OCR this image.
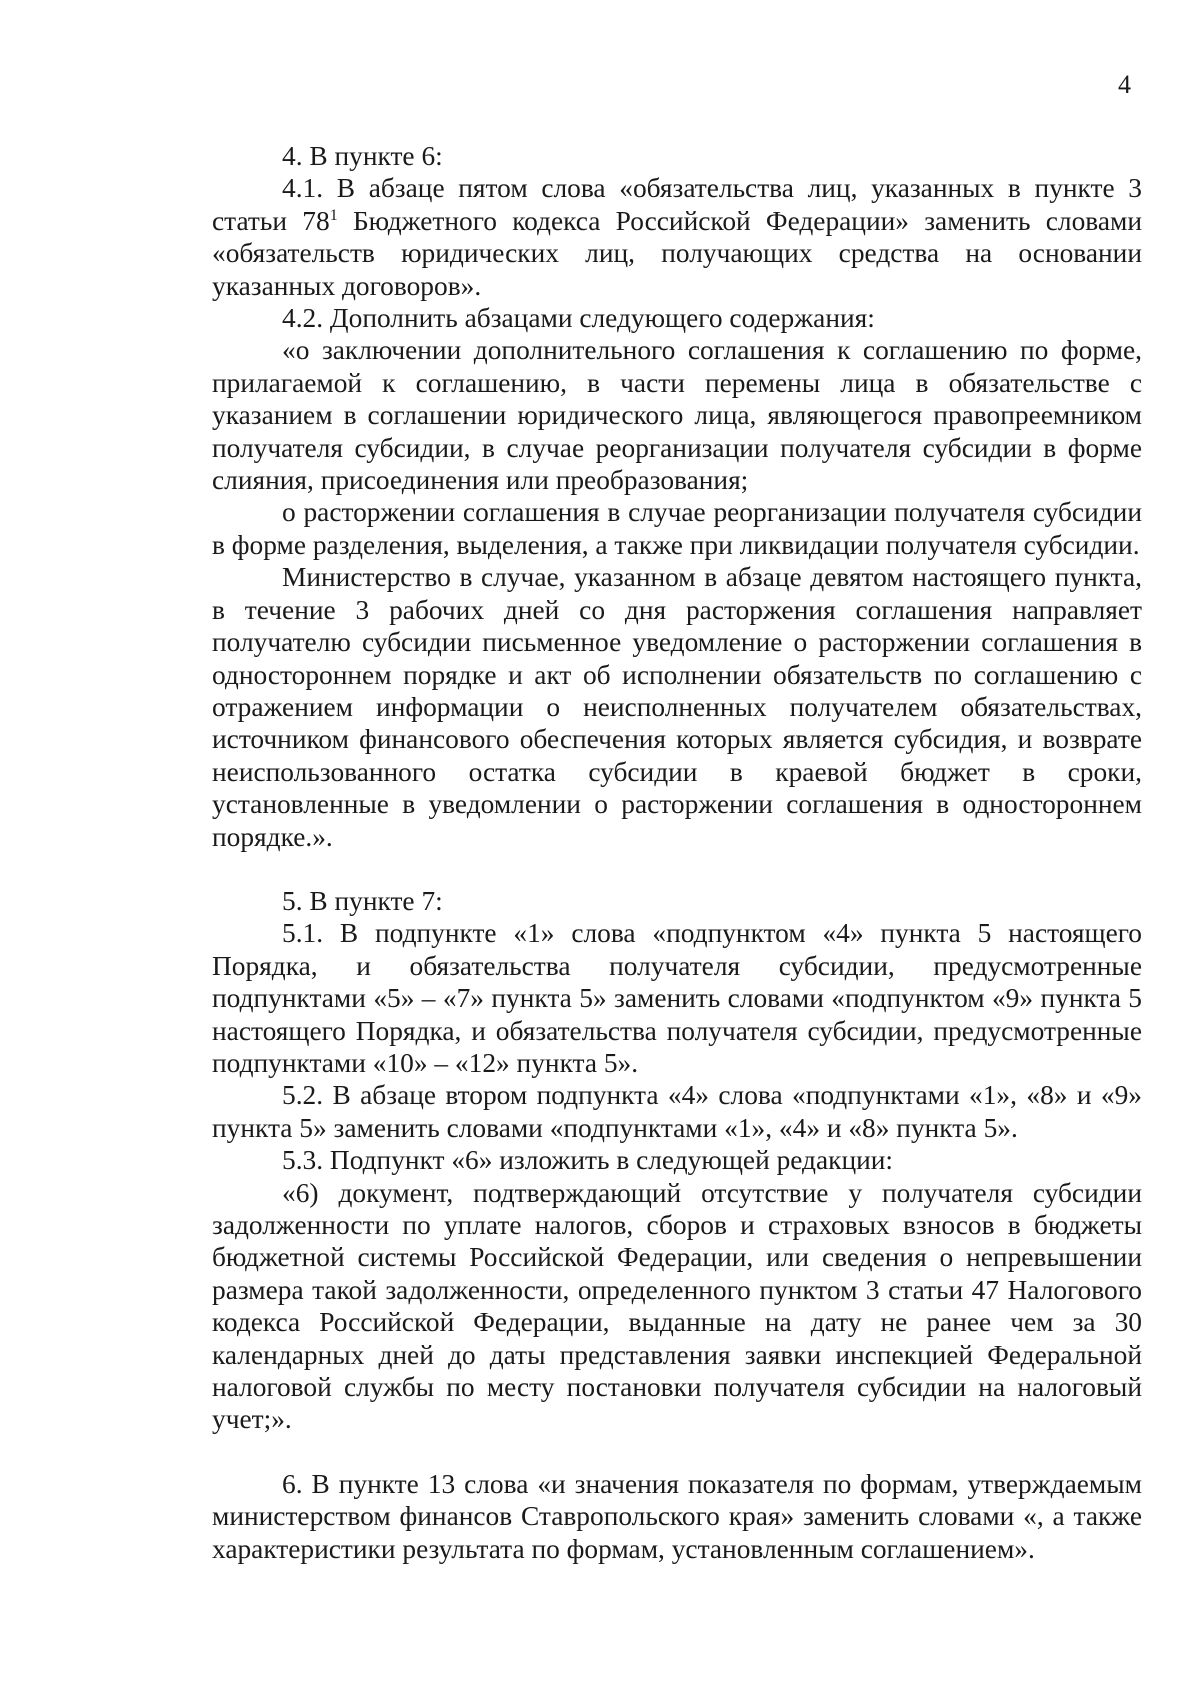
4

4. В пункте 6:

4.1. В абзаце пятом слова «обязательства лиц, указанных в пункте 3 статьи $78^1$ Бюджетного кодекса Российской Федерации» заменить словами «обязательств юридических лиц, получающих средства на основании указанных договоров».

4.2. Дополнить абзацами следующего содержания:

«о заключении дополнительного соглашения к соглашению по форме, прилагаемой к соглашению, в части перемены лица в обязательстве с указанием в соглашении юридического лица, являющегося правопреемником получателя субсидии, в случае реорганизации получателя субсидии в форме слияния, присоединения или преобразования;

о расторжении соглашения в случае реорганизации получателя субсидии в форме разделения, выделения, а также при ликвидации получателя субсидии.

Министерство в случае, указанном в абзаце девятом настоящего пункта, в течение 3 рабочих дней со дня расторжения соглашения направляет получателю субсидии письменное уведомление о расторжении соглашения в одностороннем порядке и акт об исполнении обязательств по соглашению с отражением информации о неисполненных получателем обязательствах, источником финансового обеспечения которых является субсидия, и возврате неиспользованного остатка субсидии в краевой бюджет в сроки, установленные в уведомлении о расторжении соглашения в одностороннем порядке.».

5. В пункте 7:

5.1. В подпункте «1» слова «подпунктом «4» пункта 5 настоящего Порядка, и обязательства получателя субсидии, предусмотренные подпунктами «5» – «7» пункта 5» заменить словами «подпунктом «9» пункта 5 настоящего Порядка, и обязательства получателя субсидии, предусмотренные подпунктами «10» – «12» пункта 5».

5.2. В абзаце втором подпункта «4» слова «подпунктами «1», «8» и «9» пункта 5» заменить словами «подпунктами «1», «4» и «8» пункта 5».

5.3. Подпункт «6» изложить в следующей редакции:

«6) документ, подтверждающий отсутствие у получателя субсидии задолженности по уплате налогов, сборов и страховых взносов в бюджеты бюджетной системы Российской Федерации, или сведения о непревышении размера такой задолженности, определенного пунктом 3 статьи 47 Налогового кодекса Российской Федерации, выданные на дату не ранее чем за 30 календарных дней до даты представления заявки инспекцией Федеральной налоговой службы по месту постановки получателя субсидии на налоговый учет;».

6. В пункте 13 слова «и значения показателя по формам, утверждаемым министерством финансов Ставропольского края» заменить словами «, а также характеристики результата по формам, установленным соглашением».
